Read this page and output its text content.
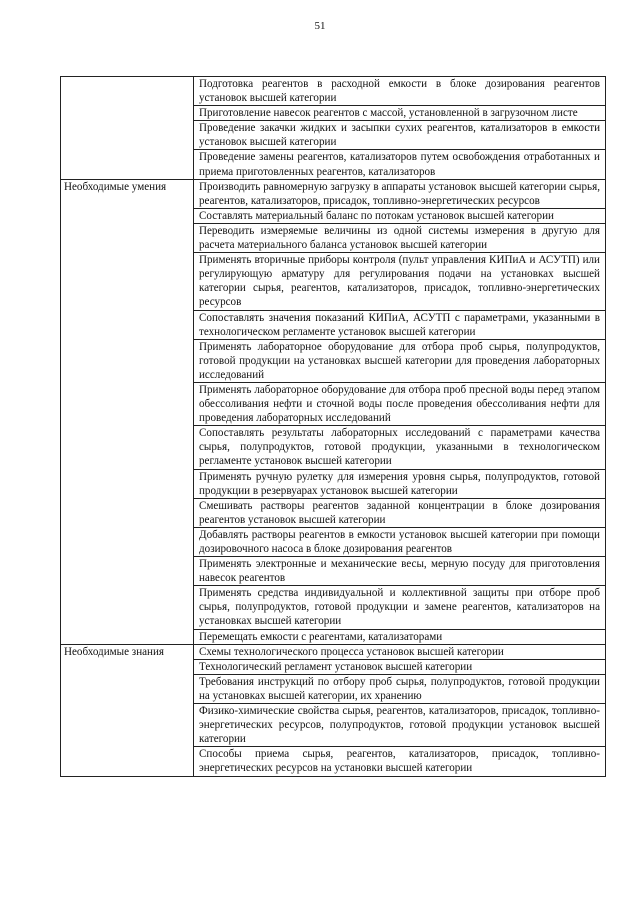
51
	Подготовка реагентов в расходной емкости в блоке дозирования реагентов установок высшей категории
	Приготовление навесок реагентов с массой, установленной в загрузочном листе
	Проведение закачки жидких и засыпки сухих реагентов, катализаторов в емкости установок высшей категории
	Проведение замены реагентов, катализаторов путем освобождения отработанных и приема приготовленных реагентов, катализаторов

Необходимые умения	Производить равномерную загрузку в аппараты установок высшей категории сырья, реагентов, катализаторов, присадок, топливно-энергетических ресурсов
	Составлять материальный баланс по потокам установок высшей категории
	Переводить измеряемые величины из одной системы измерения в другую для расчета материального баланса установок высшей категории
	Применять вторичные приборы контроля (пульт управления КИПиА и АСУТП) или регулирующую арматуру для регулирования подачи на установках высшей категории сырья, реагентов, катализаторов, присадок, топливно-энергетических ресурсов
	Сопоставлять значения показаний КИПиА, АСУТП с параметрами, указанными в технологическом регламенте установок высшей категории
	Применять лабораторное оборудование для отбора проб сырья, полупродуктов, готовой продукции на установках высшей категории для проведения лабораторных исследований
	Применять лабораторное оборудование для отбора проб пресной воды перед этапом обессоливания нефти и сточной воды после проведения обессоливания нефти для проведения лабораторных исследований
	Сопоставлять результаты лабораторных исследований с параметрами качества сырья, полупродуктов, готовой продукции, указанными в технологическом регламенте установок высшей категории
	Применять ручную рулетку для измерения уровня сырья, полупродуктов, готовой продукции в резервуарах установок высшей категории
	Смешивать растворы реагентов заданной концентрации в блоке дозирования реагентов установок высшей категории
	Добавлять растворы реагентов в емкости установок высшей категории при помощи дозировочного насоса в блоке дозирования реагентов
	Применять электронные и механические весы, мерную посуду для приготовления навесок реагентов
	Применять средства индивидуальной и коллективной защиты при отборе проб сырья, полупродуктов, готовой продукции и замене реагентов, катализаторов на установках высшей категории
	Перемещать емкости с реагентами, катализаторами

Необходимые знания	Схемы технологического процесса установок высшей категории
	Технологический регламент установок высшей категории
	Требования инструкций по отбору проб сырья, полупродуктов, готовой продукции на установках высшей категории, их хранению
	Физико-химические свойства сырья, реагентов, катализаторов, присадок, топливно-энергетических ресурсов, полупродуктов, готовой продукции установок высшей категории
	Способы приема сырья, реагентов, катализаторов, присадок, топливно-энергетических ресурсов на установки высшей категории
